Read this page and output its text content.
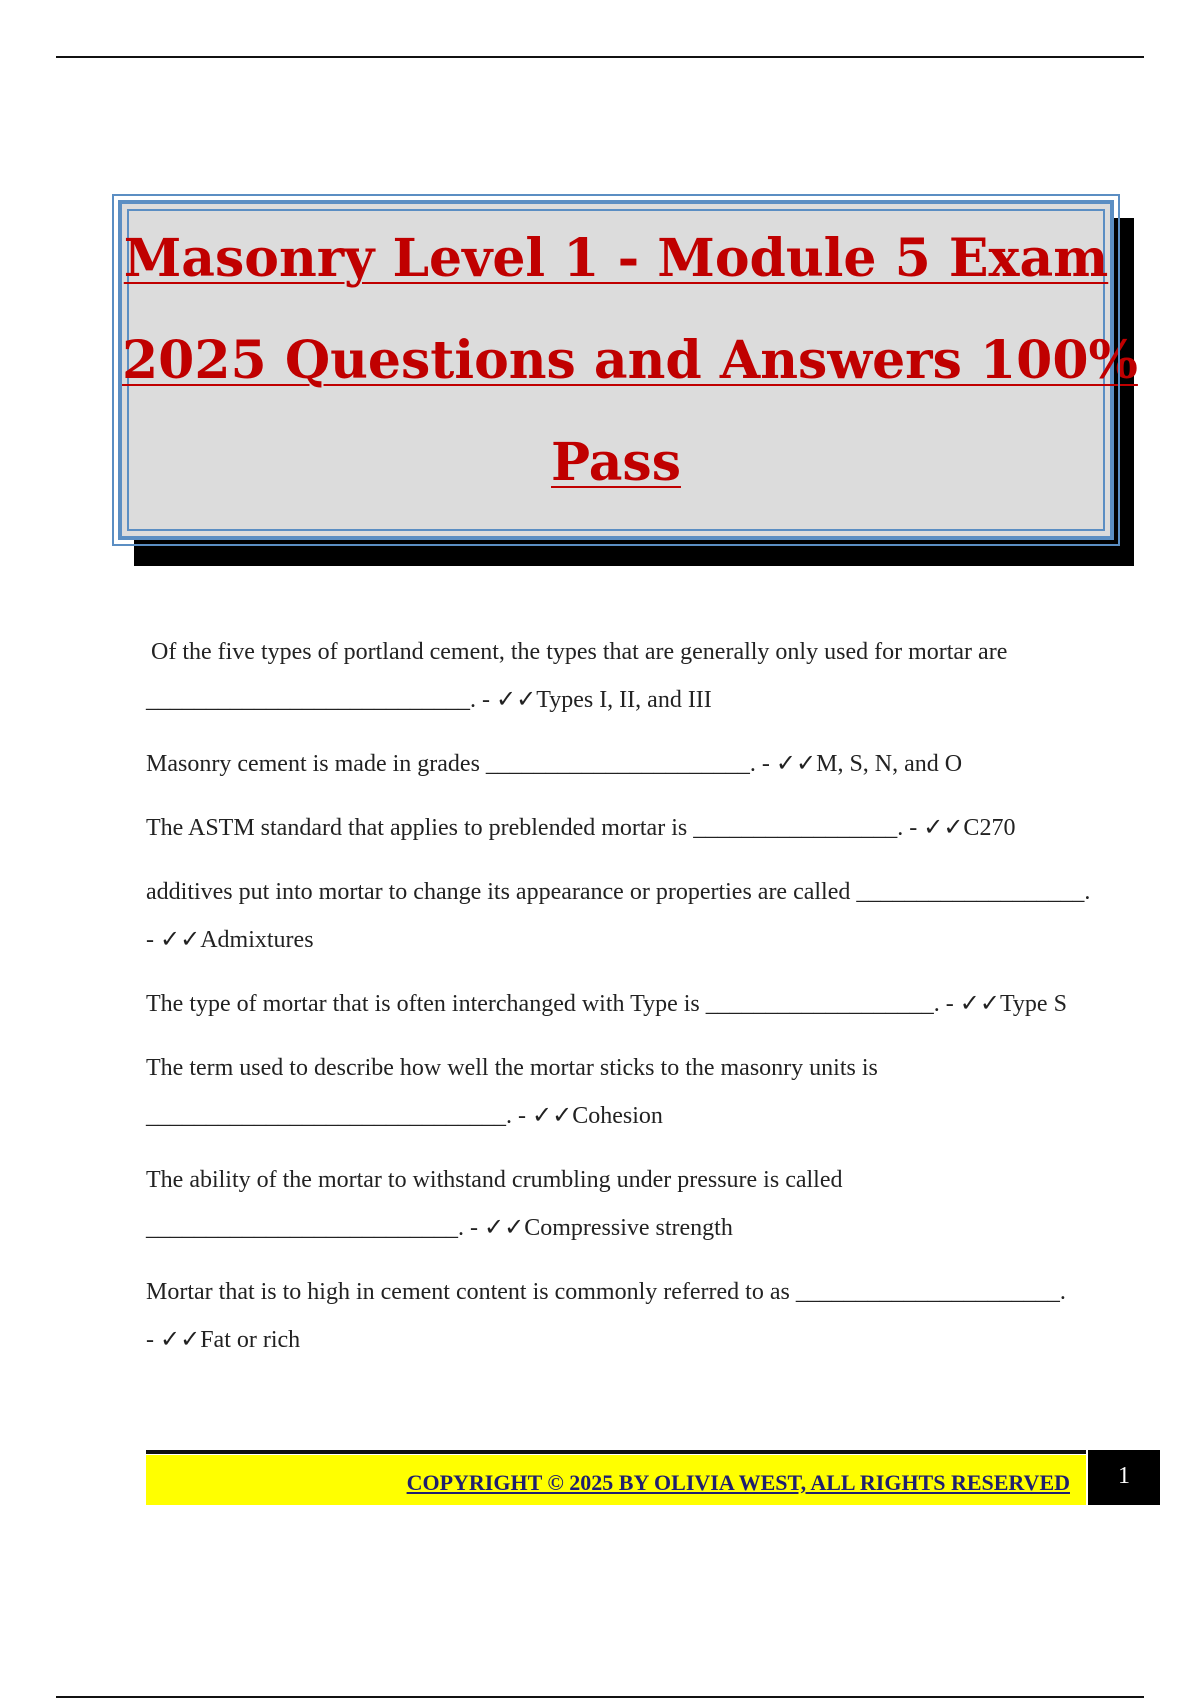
Masonry Level 1 - Module 5 Exam
2025 Questions and Answers 100%
Pass

Of the five types of portland cement, the types that are generally only used for mortar are ___________________________. - ✓✓Types I, II, and III

Masonry cement is made in grades ______________________. - ✓✓M, S, N, and O

The ASTM standard that applies to preblended mortar is _________________. - ✓✓C270

additives put into mortar to change its appearance or properties are called ___________________. - ✓✓Admixtures

The type of mortar that is often interchanged with Type is ___________________. - ✓✓Type S

The term used to describe how well the mortar sticks to the masonry units is ______________________________. - ✓✓Cohesion

The ability of the mortar to withstand crumbling under pressure is called __________________________. - ✓✓Compressive strength

Mortar that is to high in cement content is commonly referred to as ______________________. - ✓✓Fat or rich

COPYRIGHT © 2025 BY OLIVIA WEST, ALL RIGHTS RESERVED	1
